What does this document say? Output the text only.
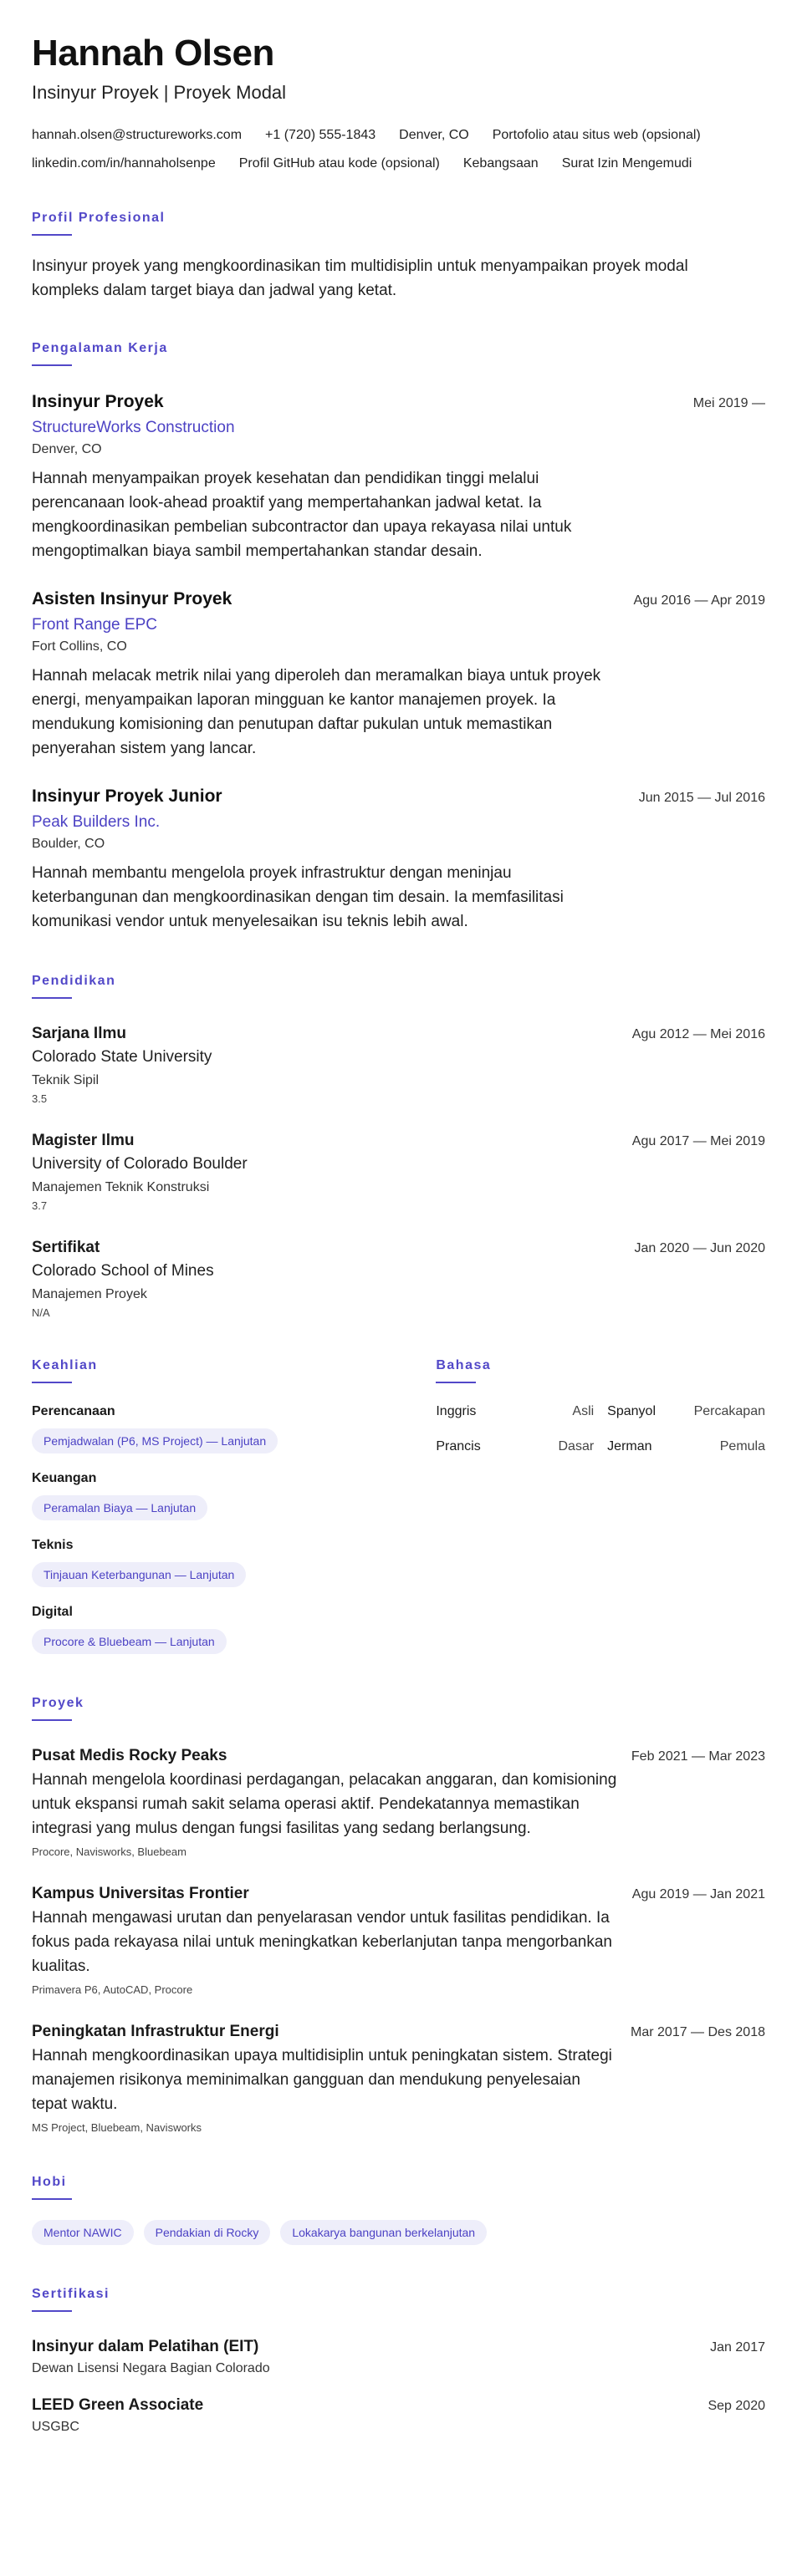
Hannah Olsen
Insinyur Proyek | Proyek Modal
hannah.olsen@structureworks.com +1 (720) 555-1843 Denver, CO Portofolio atau situs web (opsional)
linkedin.com/in/hannaholsenpe Profil GitHub atau kode (opsional) Kebangsaan Surat Izin Mengemudi
Profil Profesional

Insinyur proyek yang mengkoordinasikan tim multidisiplin untuk menyampaikan proyek modal kompleks dalam target biaya dan jadwal yang ketat.

Pengalaman Kerja
Insinyur Proyek	Mei 2019 —
StructureWorks Construction
Denver, CO

Hannah menyampaikan proyek kesehatan dan pendidikan tinggi melalui perencanaan look-ahead proaktif yang mempertahankan jadwal ketat. Ia mengkoordinasikan pembelian subcontractor dan upaya rekayasa nilai untuk mengoptimalkan biaya sambil mempertahankan standar desain.

Asisten Insinyur Proyek	Agu 2016 — Apr 2019
Front Range EPC
Fort Collins, CO

Hannah melacak metrik nilai yang diperoleh dan meramalkan biaya untuk proyek energi, menyampaikan laporan mingguan ke kantor manajemen proyek. Ia mendukung komisioning dan penutupan daftar pukulan untuk memastikan penyerahan sistem yang lancar.

Insinyur Proyek Junior	Jun 2015 — Jul 2016
Peak Builders Inc.
Boulder, CO

Hannah membantu mengelola proyek infrastruktur dengan meninjau keterbangunan dan mengkoordinasikan dengan tim desain. Ia memfasilitasi komunikasi vendor untuk menyelesaikan isu teknis lebih awal.

Pendidikan
Sarjana Ilmu	Agu 2012 — Mei 2016
Colorado State University
Teknik Sipil
3.5
Magister Ilmu	Agu 2017 — Mei 2019
University of Colorado Boulder
Manajemen Teknik Konstruksi
3.7
Sertifikat	Jan 2020 — Jun 2020
Colorado School of Mines
Manajemen Proyek
N/A
Keahlian
Perencanaan
Pemjadwalan (P6, MS Project) — Lanjutan
Keuangan
Peramalan Biaya — Lanjutan
Teknis
Tinjauan Keterbangunan — Lanjutan
Digital
Procore & Bluebeam — Lanjutan
Bahasa
Inggris	Asli Spanyol	Percakapan
Prancis	Dasar Jerman	Pemula
Proyek
Pusat Medis Rocky Peaks	Feb 2021 — Mar 2023

Hannah mengelola koordinasi perdagangan, pelacakan anggaran, dan komisioning untuk ekspansi rumah sakit selama operasi aktif. Pendekatannya memastikan integrasi yang mulus dengan fungsi fasilitas yang sedang berlangsung.

Procore, Navisworks, Bluebeam
Kampus Universitas Frontier	Agu 2019 — Jan 2021

Hannah mengawasi urutan dan penyelarasan vendor untuk fasilitas pendidikan. Ia fokus pada rekayasa nilai untuk meningkatkan keberlanjutan tanpa mengorbankan kualitas.

Primavera P6, AutoCAD, Procore
Peningkatan Infrastruktur Energi	Mar 2017 — Des 2018

Hannah mengkoordinasikan upaya multidisiplin untuk peningkatan sistem. Strategi manajemen risikonya meminimalkan gangguan dan mendukung penyelesaian tepat waktu.

MS Project, Bluebeam, Navisworks
Hobi
Mentor NAWIC	Pendakian di Rocky	Lokakarya bangunan berkelanjutan
Sertifikasi
Insinyur dalam Pelatihan (EIT)	Jan 2017
Dewan Lisensi Negara Bagian Colorado
LEED Green Associate	Sep 2020
USGBC
